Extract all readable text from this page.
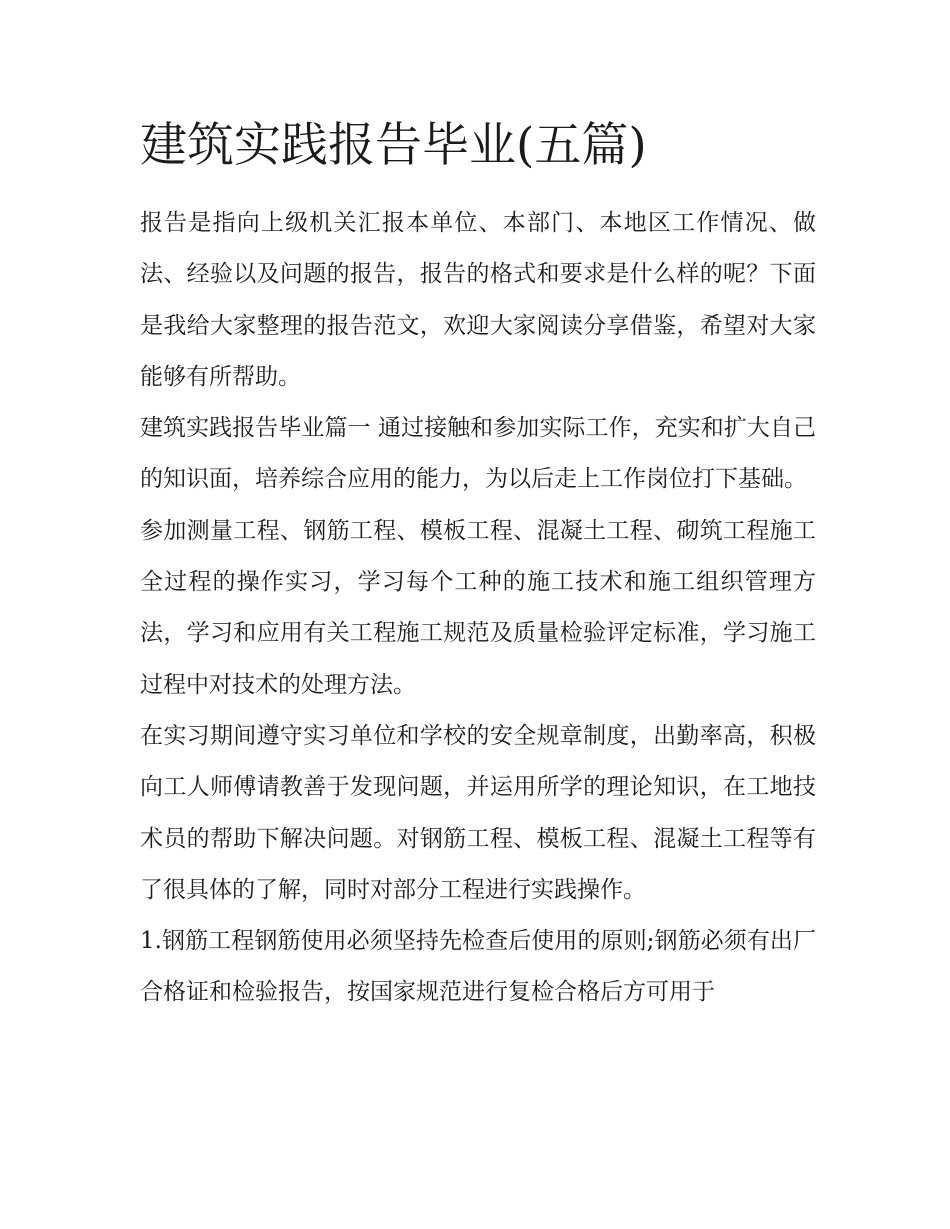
建筑实践报告毕业(五篇)

报告是指向上级机关汇报本单位、本部门、本地区工作情况、做法、经验以及问题的报告，报告的格式和要求是什么样的呢？下面是我给大家整理的报告范文，欢迎大家阅读分享借鉴，希望对大家能够有所帮助。

建筑实践报告毕业篇一 通过接触和参加实际工作，充实和扩大自己的知识面，培养综合应用的能力，为以后走上工作岗位打下基础。

参加测量工程、钢筋工程、模板工程、混凝土工程、砌筑工程施工全过程的操作实习，学习每个工种的施工技术和施工组织管理方法，学习和应用有关工程施工规范及质量检验评定标准，学习施工过程中对技术的处理方法。

在实习期间遵守实习单位和学校的安全规章制度，出勤率高，积极向工人师傅请教善于发现问题，并运用所学的理论知识，在工地技术员的帮助下解决问题。对钢筋工程、模板工程、混凝土工程等有了很具体的了解，同时对部分工程进行实践操作。

1.钢筋工程钢筋使用必须坚持先检查后使用的原则;钢筋必须有出厂合格证和检验报告，按国家规范进行复检合格后方可用于
